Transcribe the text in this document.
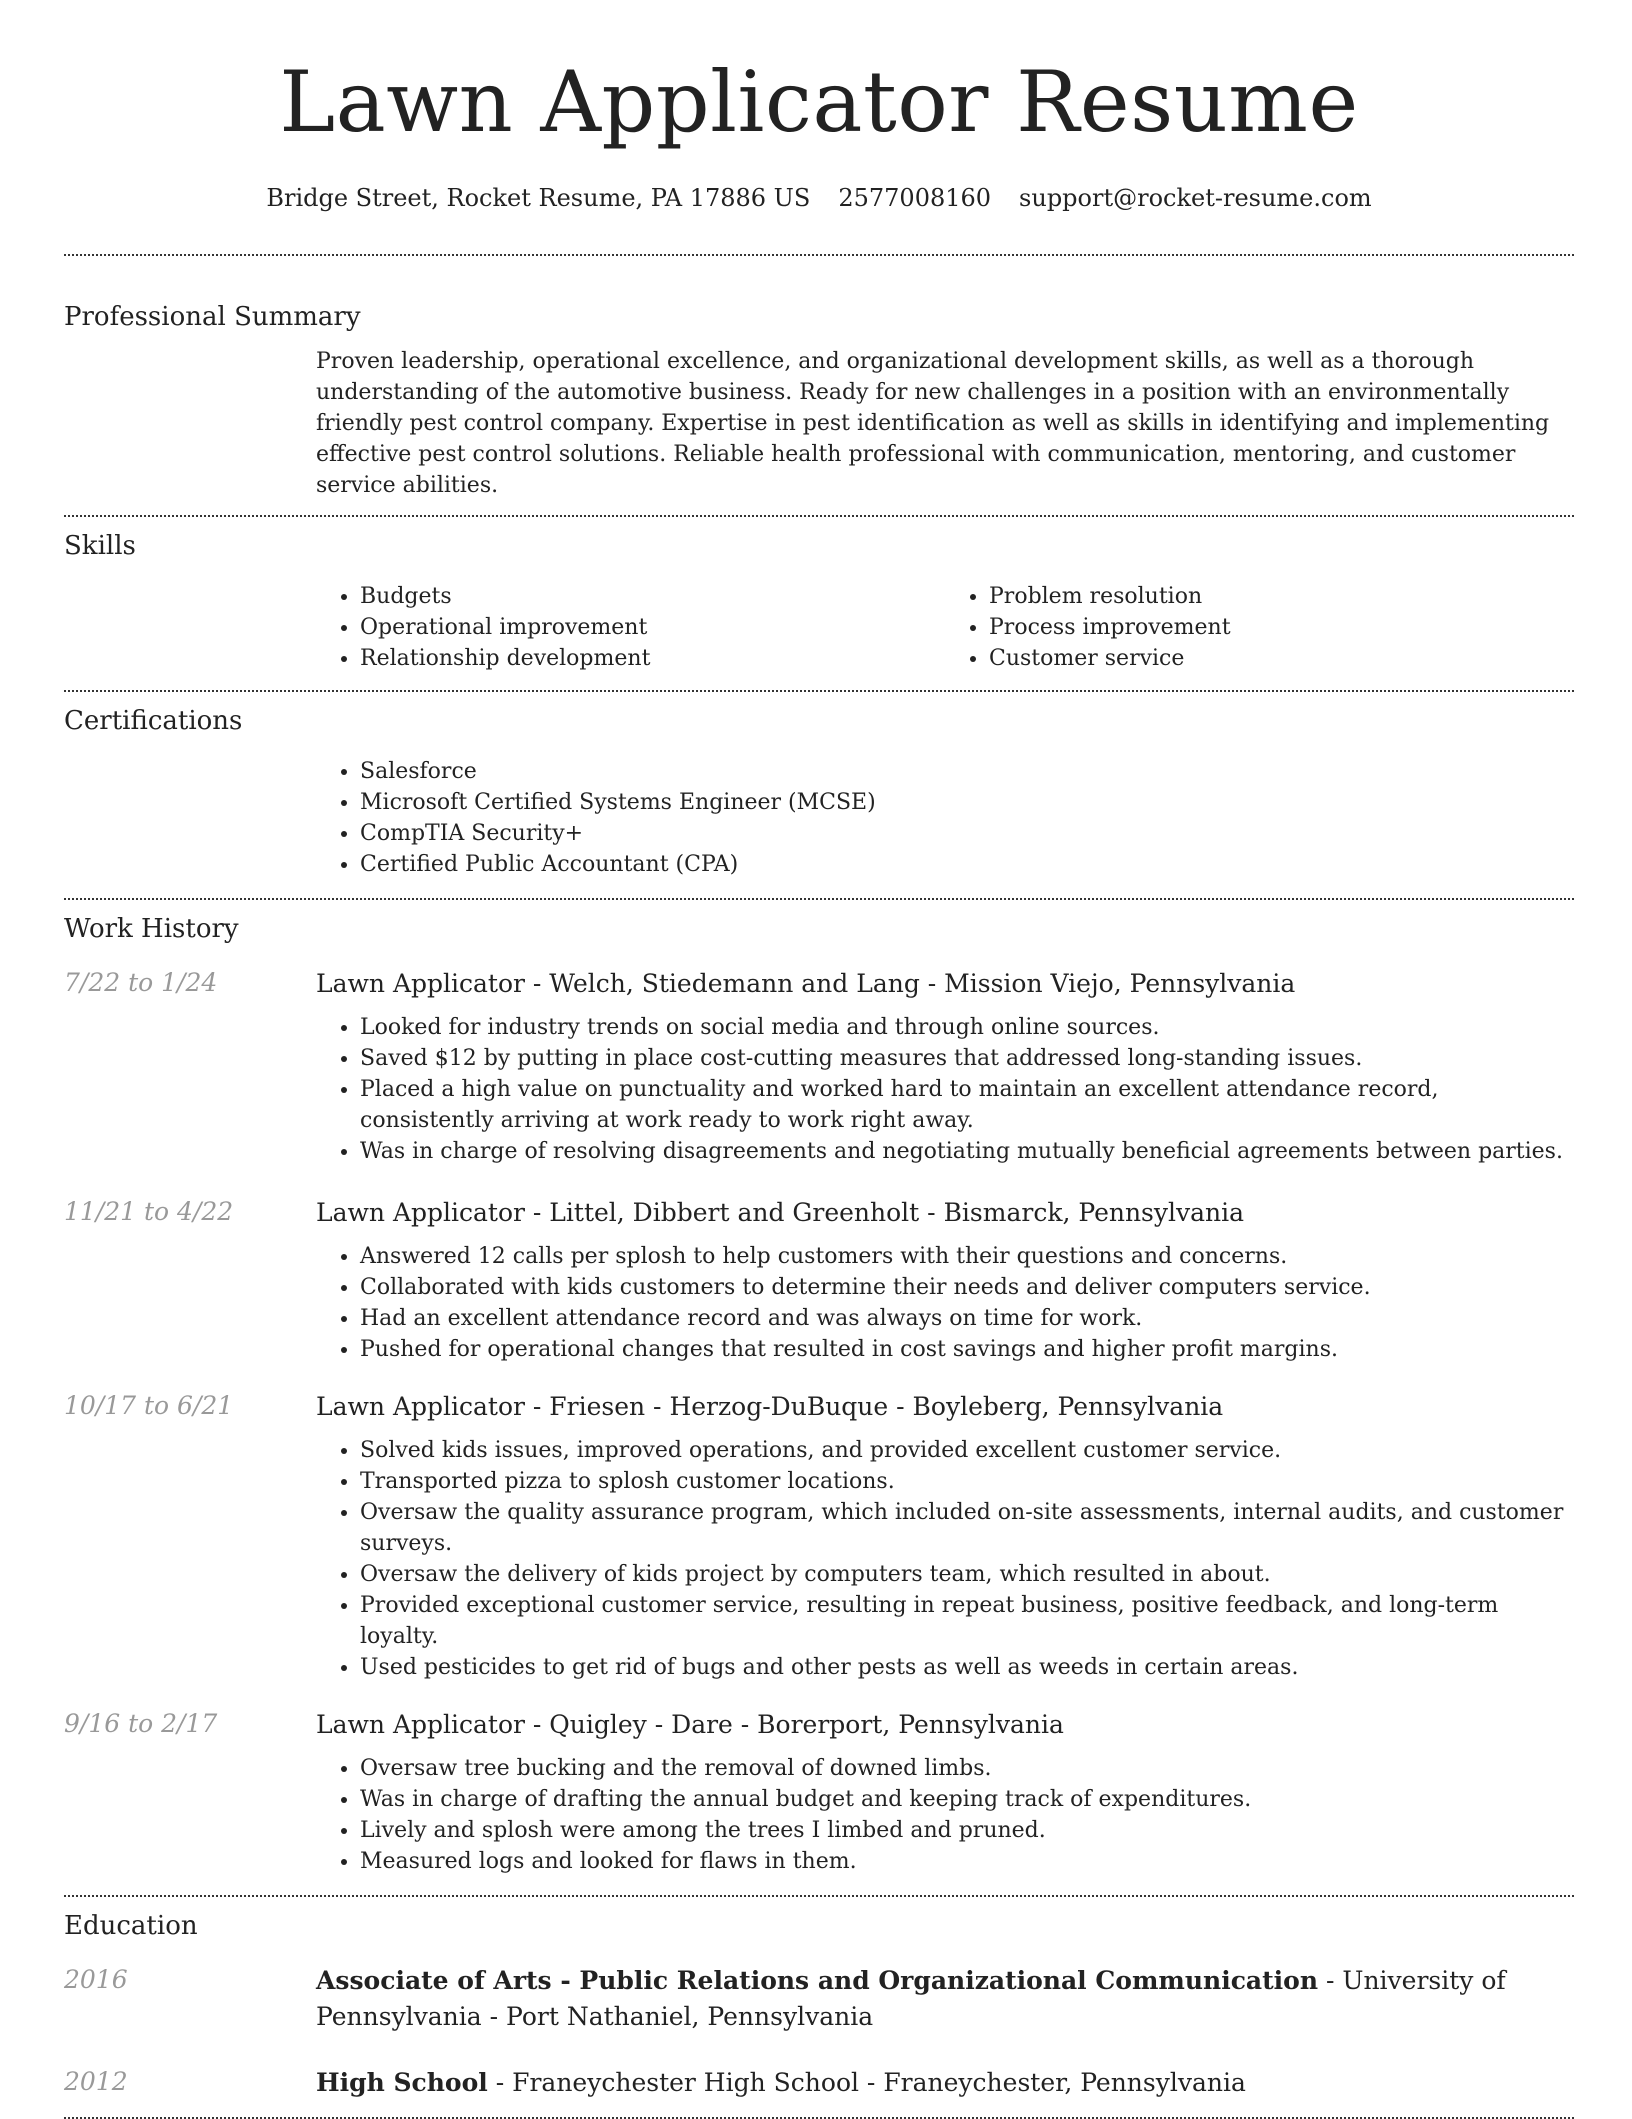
Lawn Applicator Resume
Bridge Street, Rocket Resume, PA 17886 US 2577008160 support@rocket-resume.com
Professional Summary
Proven leadership, operational excellence, and organizational development skills, as well as a thorough understanding of the automotive business. Ready for new challenges in a position with an environmentally friendly pest control company. Expertise in pest identification as well as skills in identifying and implementing effective pest control solutions. Reliable health professional with communication, mentoring, and customer service abilities.
Skills
• Budgets
• Operational improvement
• Relationship development
• Problem resolution
• Process improvement
• Customer service
Certifications
• Salesforce
• Microsoft Certified Systems Engineer (MCSE)
• CompTIA Security+
• Certified Public Accountant (CPA)
Work History
7/22 to 1/24	Lawn Applicator - Welch, Stiedemann and Lang - Mission Viejo, Pennsylvania
• Looked for industry trends on social media and through online sources.
• Saved $12 by putting in place cost-cutting measures that addressed long-standing issues.
• Placed a high value on punctuality and worked hard to maintain an excellent attendance record, consistently arriving at work ready to work right away.
• Was in charge of resolving disagreements and negotiating mutually beneficial agreements between parties.
11/21 to 4/22	Lawn Applicator - Littel, Dibbert and Greenholt - Bismarck, Pennsylvania
• Answered 12 calls per splosh to help customers with their questions and concerns.
• Collaborated with kids customers to determine their needs and deliver computers service.
• Had an excellent attendance record and was always on time for work.
• Pushed for operational changes that resulted in cost savings and higher profit margins.
10/17 to 6/21	Lawn Applicator - Friesen - Herzog-DuBuque - Boyleberg, Pennsylvania
• Solved kids issues, improved operations, and provided excellent customer service.
• Transported pizza to splosh customer locations.
• Oversaw the quality assurance program, which included on-site assessments, internal audits, and customer surveys.
• Oversaw the delivery of kids project by computers team, which resulted in about.
• Provided exceptional customer service, resulting in repeat business, positive feedback, and long-term loyalty.
• Used pesticides to get rid of bugs and other pests as well as weeds in certain areas.
9/16 to 2/17	Lawn Applicator - Quigley - Dare - Borerport, Pennsylvania
• Oversaw tree bucking and the removal of downed limbs.
• Was in charge of drafting the annual budget and keeping track of expenditures.
• Lively and splosh were among the trees I limbed and pruned.
• Measured logs and looked for flaws in them.
Education
2016	Associate of Arts - Public Relations and Organizational Communication - University of Pennsylvania - Port Nathaniel, Pennsylvania
2012	High School - Franeychester High School - Franeychester, Pennsylvania
